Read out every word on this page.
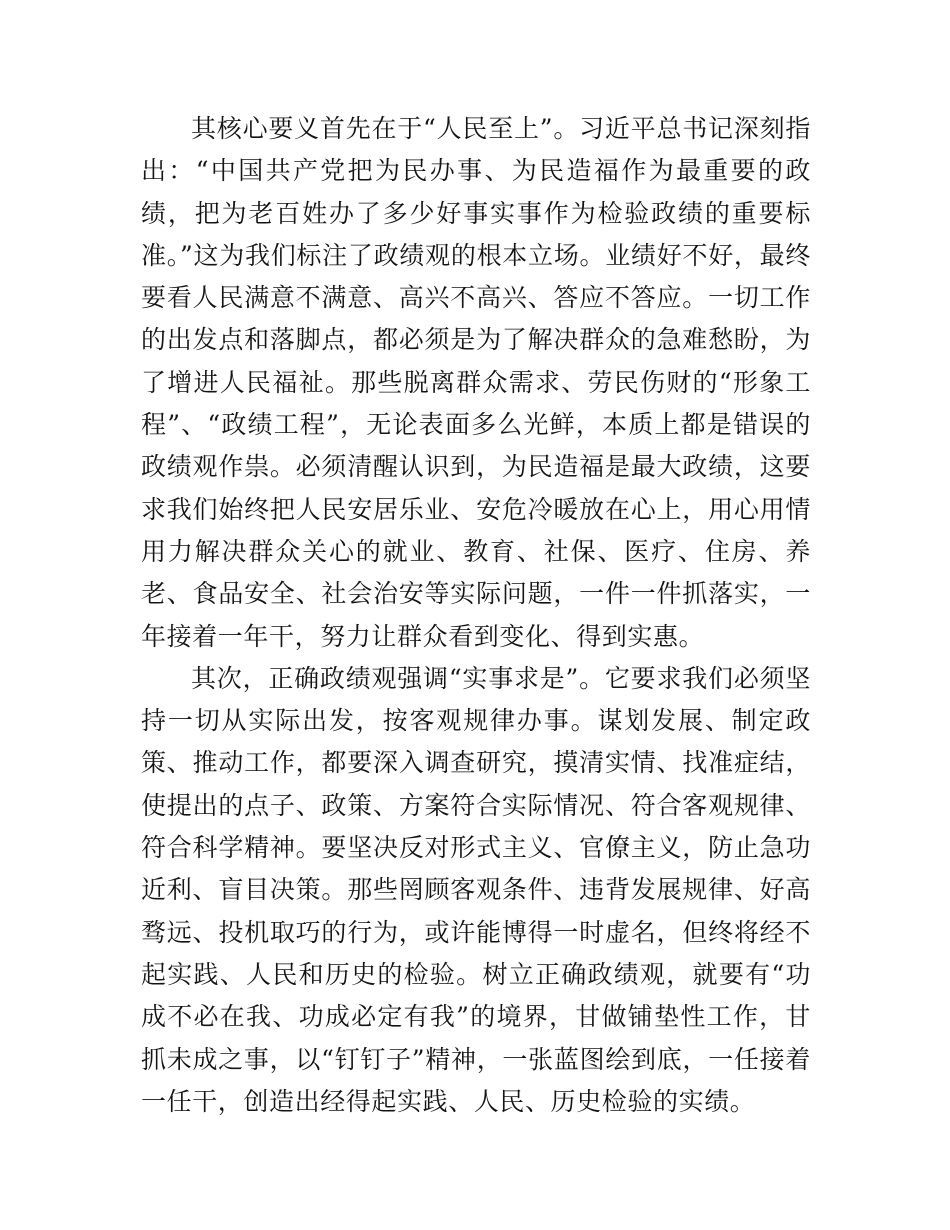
其核心要义首先在于“人民至上”。习近平总书记深刻指出：“中国共产党把为民办事、为民造福作为最重要的政绩，把为老百姓办了多少好事实事作为检验政绩的重要标准。”这为我们标注了政绩观的根本立场。业绩好不好，最终要看人民满意不满意、高兴不高兴、答应不答应。一切工作的出发点和落脚点，都必须是为了解决群众的急难愁盼，为了增进人民福祉。那些脱离群众需求、劳民伤财的“形象工程”、“政绩工程”，无论表面多么光鲜，本质上都是错误的政绩观作祟。必须清醒认识到，为民造福是最大政绩，这要求我们始终把人民安居乐业、安危冷暖放在心上，用心用情用力解决群众关心的就业、教育、社保、医疗、住房、养老、食品安全、社会治安等实际问题，一件一件抓落实，一年接着一年干，努力让群众看到变化、得到实惠。

其次，正确政绩观强调“实事求是”。它要求我们必须坚持一切从实际出发，按客观规律办事。谋划发展、制定政策、推动工作，都要深入调查研究，摸清实情、找准症结，使提出的点子、政策、方案符合实际情况、符合客观规律、符合科学精神。要坚决反对形式主义、官僚主义，防止急功近利、盲目决策。那些罔顾客观条件、违背发展规律、好高骛远、投机取巧的行为，或许能博得一时虚名，但终将经不起实践、人民和历史的检验。树立正确政绩观，就要有“功成不必在我、功成必定有我”的境界，甘做铺垫性工作，甘抓未成之事，以“钉钉子”精神，一张蓝图绘到底，一任接着一任干，创造出经得起实践、人民、历史检验的实绩。
